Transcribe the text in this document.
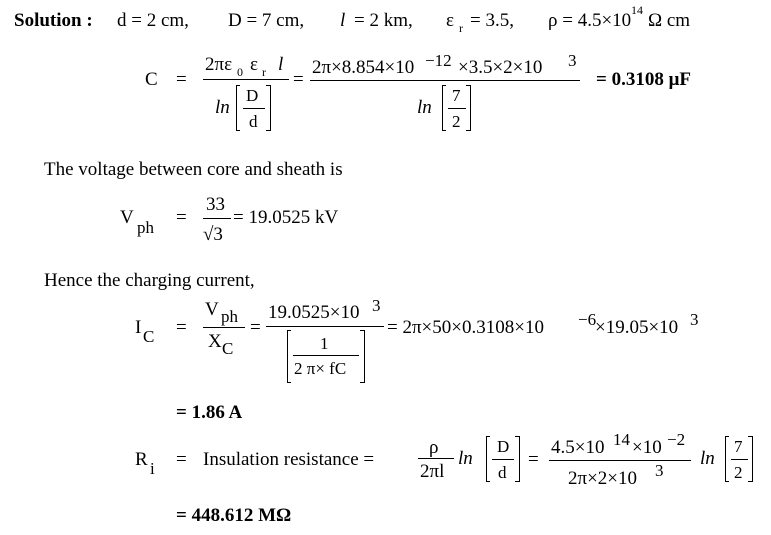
Solution : d = 2 cm, D = 7 cm, l = 2 km, ε r = 3.5, ρ = 4.5×10 14 Ω cm
C =
2πε 0 ε r l
ln
D
d
=
2π×8.854×10 −12 ×3.5×2×10 3
ln
7
2
= 0.3108 μF
The voltage between core and sheath is
V ph =
33
√3
= 19.0525 kV
Hence the charging current,
I C =
V ph
X C
=
19.0525×10 3
1
2 π× fC
= 2π×50×0.3108×10 −6
×19.05×10 3
= 1.86 A
R i = Insulation resistance =
ρ
2πl
ln
D
d
=
4.5×10 14 ×10 −2
2π×2×10 3
ln
7
2
= 448.612 MΩ
